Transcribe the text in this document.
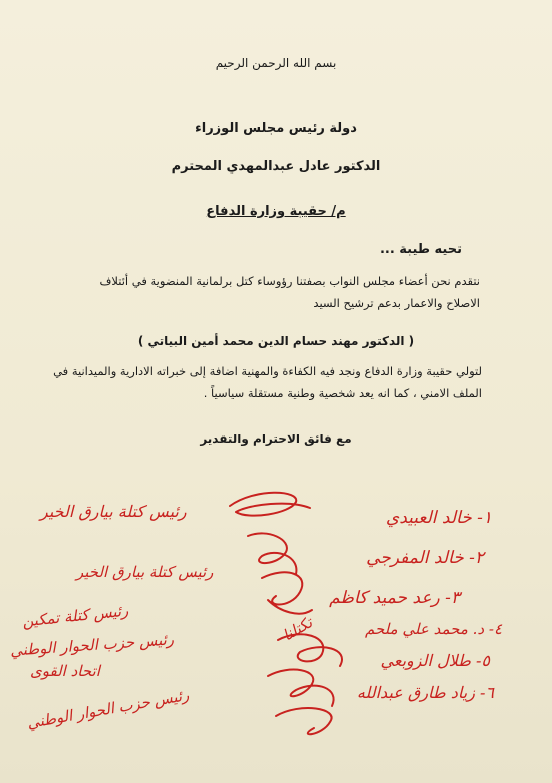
بسم الله الرحمن الرحيم
دولة رئيس مجلس الوزراء
الدكتور عادل عبدالمهدي المحترم
م/ حقيبة وزارة الدفاع
تحيه طيبة ...
نتقدم نحن أعضاء مجلس النواب بصفتنا رؤوساء كتل برلمانية المنضوية في أئتلاف
الاصلاح والاعمار بدعم ترشيح السيد
( الدكتور مهند حسام الدين محمد أمين البياتي )
لتولي حقيبة وزارة الدفاع ونجد فيه الكفاءة والمهنية اضافة إلى خبراته الادارية والميدانية في
الملف الامني ، كما انه يعد شخصية وطنية مستقلة سياسياً .
مع فائق الاحترام والتقدير
١- خالد العبيدي
٢- خالد المفرجي
٣- رعد حميد كاظم
٤- د. محمد علي ملحم
٥- طلال الزوبعي
٦- زياد طارق عبدالله
رئيس كتلة بيارق الخير
رئيس كتلة بيارق الخير
رئيس كتلة تمكين
رئيس حزب الحوار الوطني
اتحاد القوى
رئيس حزب الحوار الوطني
تكتلنا
